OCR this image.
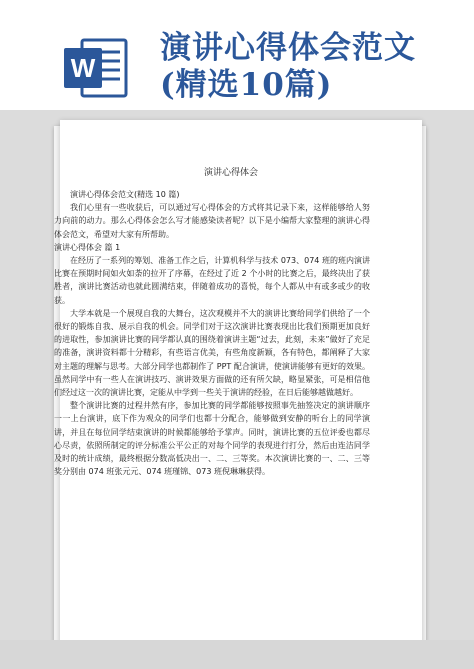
W
演讲心得体会范文(精选10篇)
演讲心得体会

演讲心得体会范文(精选 10 篇)

我们心里有一些收获后，可以通过写心得体会的方式将其记录下来，这样能够给人努力向前的动力。那么心得体会怎么写才能感染读者呢？以下是小编帮大家整理的演讲心得体会范文，希望对大家有所帮助。

演讲心得体会 篇 1

在经历了一系列的筹划、准备工作之后，计算机科学与技术 073、074 班的班内演讲比赛在预期时间如火如荼的拉开了序幕，在经过了近 2 个小时的比赛之后，最终决出了获胜者，演讲比赛活动也就此圆满结束，伴随着成功的喜悦，每个人都从中有或多或少的收获。

大学本就是一个展现自我的大舞台，这次观模并不大的演讲比赛给同学们供给了一个很好的锻炼自我、展示自我的机会。同学们对于这次演讲比赛表现出比我们预期更加良好的进取性，参加演讲比赛的同学都认真的围绕着演讲主题“过去，此刻，未来”做好了充足的准备，演讲资料都十分精彩，有些语言优美，有些角度新颖，各有特色，都阐释了大家对主题的理解与思考。大部分同学也都制作了 PPT 配合演讲，使演讲能够有更好的效果。虽然同学中有一些人在演讲技巧、演讲效果方面做的还有所欠缺，略显紧张，可是相信他们经过这一次的演讲比赛，定能从中学到一些关于演讲的经验，在日后能够越做越好。

整个演讲比赛的过程井然有序，参加比赛的同学都能够按照事先抽签决定的演讲顺序一一上台演讲，底下作为观众的同学们也都十分配合，能够做到安静的听台上的同学演讲，并且在每位同学结束演讲的时候都能够给予掌声。同时，演讲比赛的五位评委也都尽心尽责，依照所制定的评分标准公平公正的对每个同学的表现进行打分，然后由连洁同学及时的统计成绩，最终根据分数高低决出一、二、三等奖。本次演讲比赛的一、二、三等奖分别由 074 班张元元、074 班瑾锦、073 班倪琳琳获得。
